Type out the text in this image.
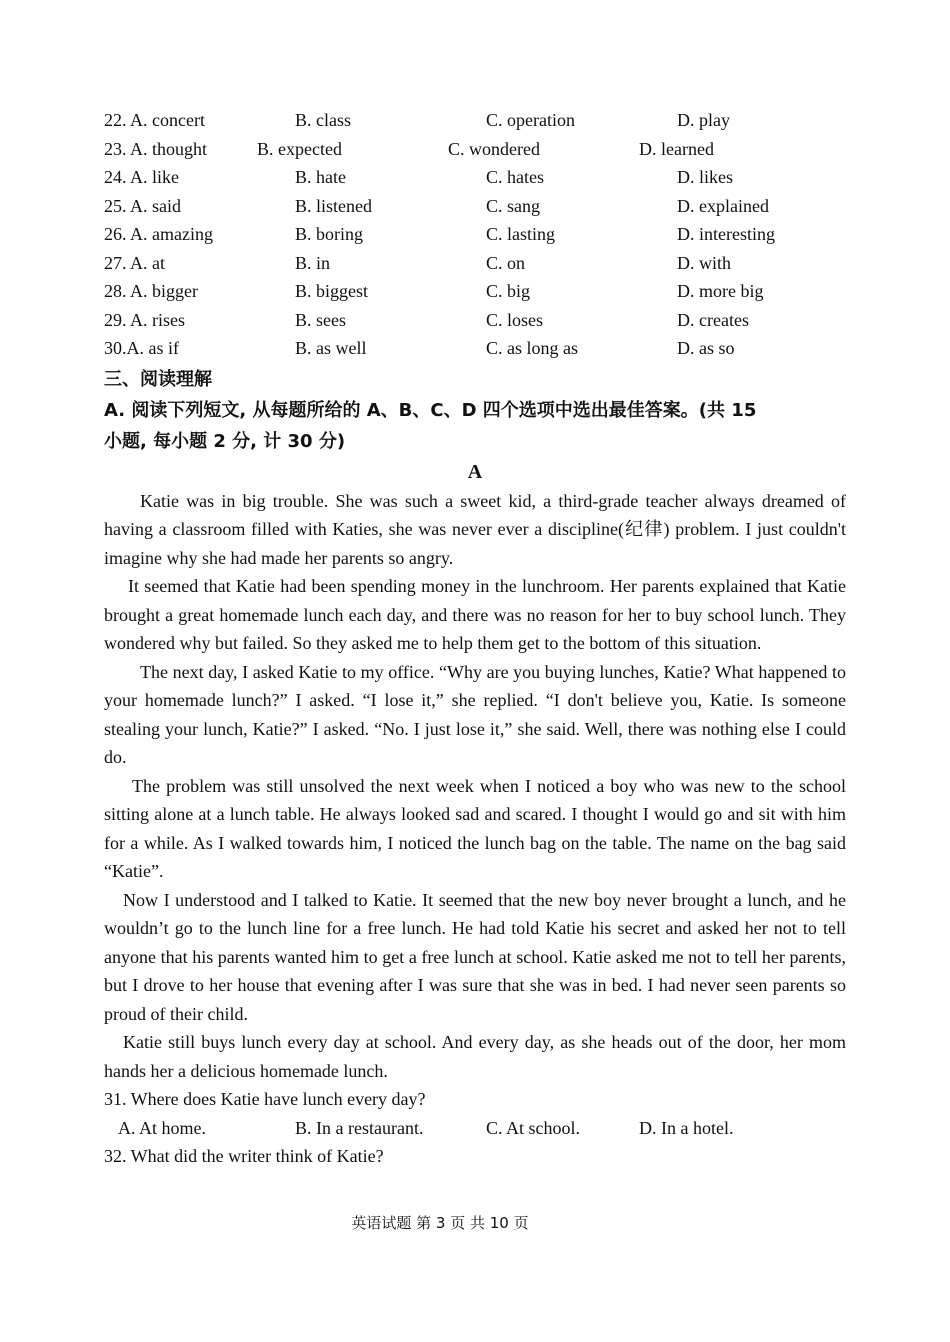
22. A. concert	B. class	C. operation	D. play
23. A. thought	B. expected	C. wondered	D. learned
24. A. like	B. hate	C. hates	D. likes
25. A. said	B. listened	C. sang	D. explained
26. A. amazing	B. boring	C. lasting	D. interesting
27. A. at	B. in	C. on	D. with
28. A. bigger	B. biggest	C. big	D. more big
29. A. rises	B. sees	C. loses	D. creates
30.A. as if	B. as well	C. as long as	D. as so
三、阅读理解
A. 阅读下列短文, 从每题所给的 A、B、C、D 四个选项中选出最佳答案。(共 15
小题, 每小题 2 分, 计 30 分)
A

Katie was in big trouble. She was such a sweet kid, a third-grade teacher always dreamed of having a classroom filled with Katies, she was never ever a discipline(纪律) problem. I just couldn't imagine why she had made her parents so angry.

It seemed that Katie had been spending money in the lunchroom. Her parents explained that Katie brought a great homemade lunch each day, and there was no reason for her to buy school lunch. They wondered why but failed. So they asked me to help them get to the bottom of this situation.

The next day, I asked Katie to my office. “Why are you buying lunches, Katie? What happened to your homemade lunch?” I asked. “I lose it,” she replied. “I don't believe you, Katie. Is someone stealing your lunch, Katie?” I asked. “No. I just lose it,” she said. Well, there was nothing else I could do.

The problem was still unsolved the next week when I noticed a boy who was new to the school sitting alone at a lunch table. He always looked sad and scared. I thought I would go and sit with him for a while. As I walked towards him, I noticed the lunch bag on the table. The name on the bag said “Katie”.

Now I understood and I talked to Katie. It seemed that the new boy never brought a lunch, and he wouldn’t go to the lunch line for a free lunch. He had told Katie his secret and asked her not to tell anyone that his parents wanted him to get a free lunch at school. Katie asked me not to tell her parents, but I drove to her house that evening after I was sure that she was in bed. I had never seen parents so proud of their child.

Katie still buys lunch every day at school. And every day, as she heads out of the door, her mom hands her a delicious homemade lunch.

31. Where does Katie have lunch every day?
A. At home.	B. In a restaurant.	C. At school.	D. In a hotel.
32. What did the writer think of Katie?
英语试题 第 3 页 共 10 页
